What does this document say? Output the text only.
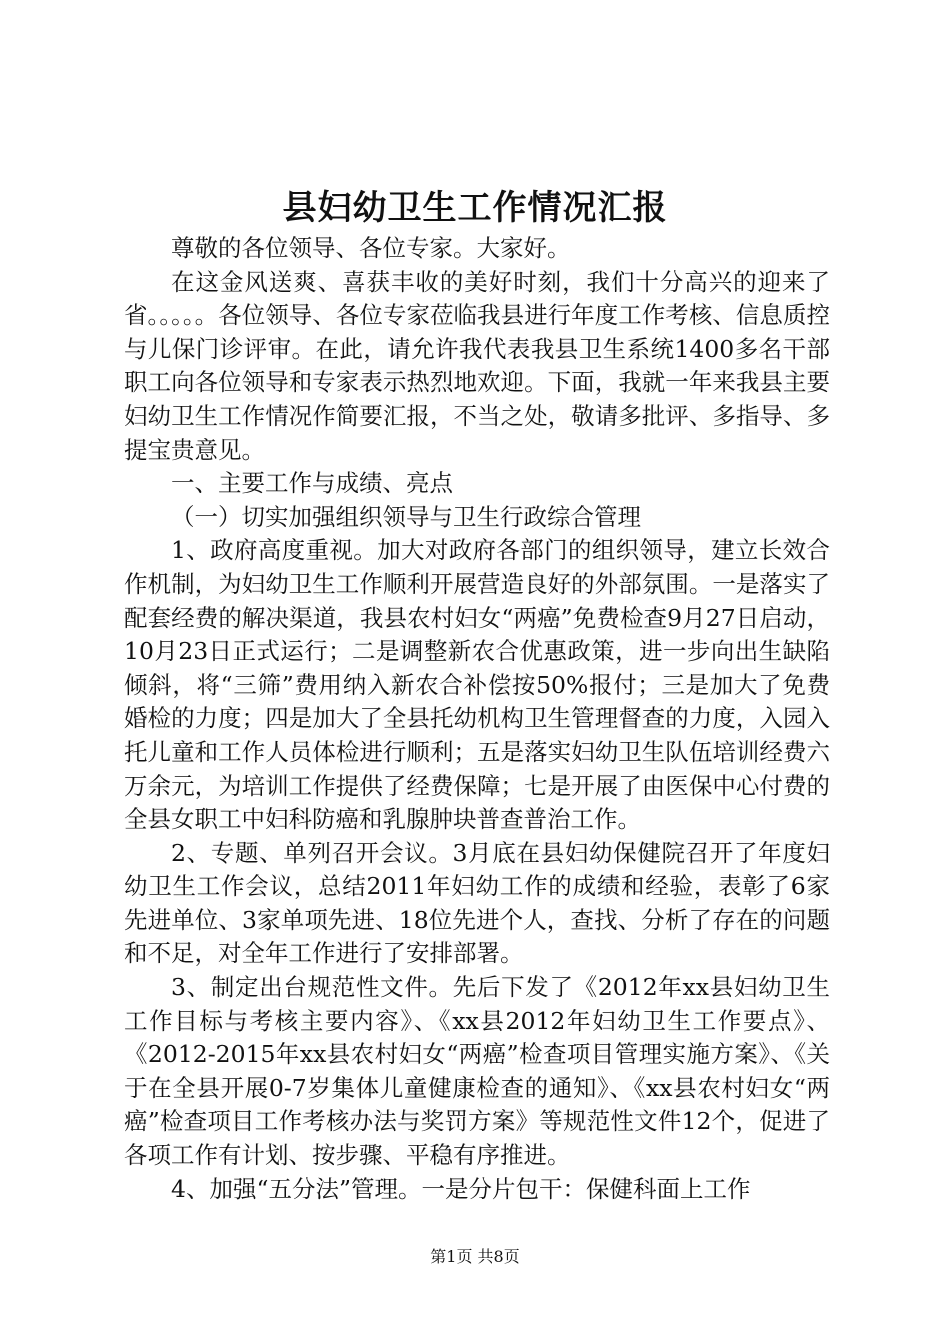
县妇幼卫生工作情况汇报

尊敬的各位领导、各位专家。大家好。

在这金风送爽、喜获丰收的美好时刻，我们十分高兴的迎来了省。。。。。各位领导、各位专家莅临我县进行年度工作考核、信息质控与儿保门诊评审。在此，请允许我代表我县卫生系统1400多名干部职工向各位领导和专家表示热烈地欢迎。下面，我就一年来我县主要妇幼卫生工作情况作简要汇报，不当之处，敬请多批评、多指导、多提宝贵意见。

一、主要工作与成绩、亮点

（一）切实加强组织领导与卫生行政综合管理

1、政府高度重视。加大对政府各部门的组织领导，建立长效合作机制，为妇幼卫生工作顺利开展营造良好的外部氛围。一是落实了配套经费的解决渠道，我县农村妇女“两癌”免费检查9月27日启动，10月23日正式运行；二是调整新农合优惠政策，进一步向出生缺陷倾斜，将“三筛”费用纳入新农合补偿按50%报付；三是加大了免费婚检的力度；四是加大了全县托幼机构卫生管理督查的力度，入园入托儿童和工作人员体检进行顺利；五是落实妇幼卫生队伍培训经费六万余元，为培训工作提供了经费保障；七是开展了由医保中心付费的全县女职工中妇科防癌和乳腺肿块普查普治工作。

2、专题、单列召开会议。3月底在县妇幼保健院召开了年度妇幼卫生工作会议，总结2011年妇幼工作的成绩和经验，表彰了6家先进单位、3家单项先进、18位先进个人，查找、分析了存在的问题和不足，对全年工作进行了安排部署。

3、制定出台规范性文件。先后下发了《2012年xx县妇幼卫生工作目标与考核主要内容》、《xx县2012年妇幼卫生工作要点》、《2012-2015年xx县农村妇女“两癌”检查项目管理实施方案》、《关于在全县开展0-7岁集体儿童健康检查的通知》、《xx县农村妇女“两癌”检查项目工作考核办法与奖罚方案》等规范性文件12个，促进了各项工作有计划、按步骤、平稳有序推进。

4、加强“五分法”管理。一是分片包干：保健科面上工作

第1页 共8页
